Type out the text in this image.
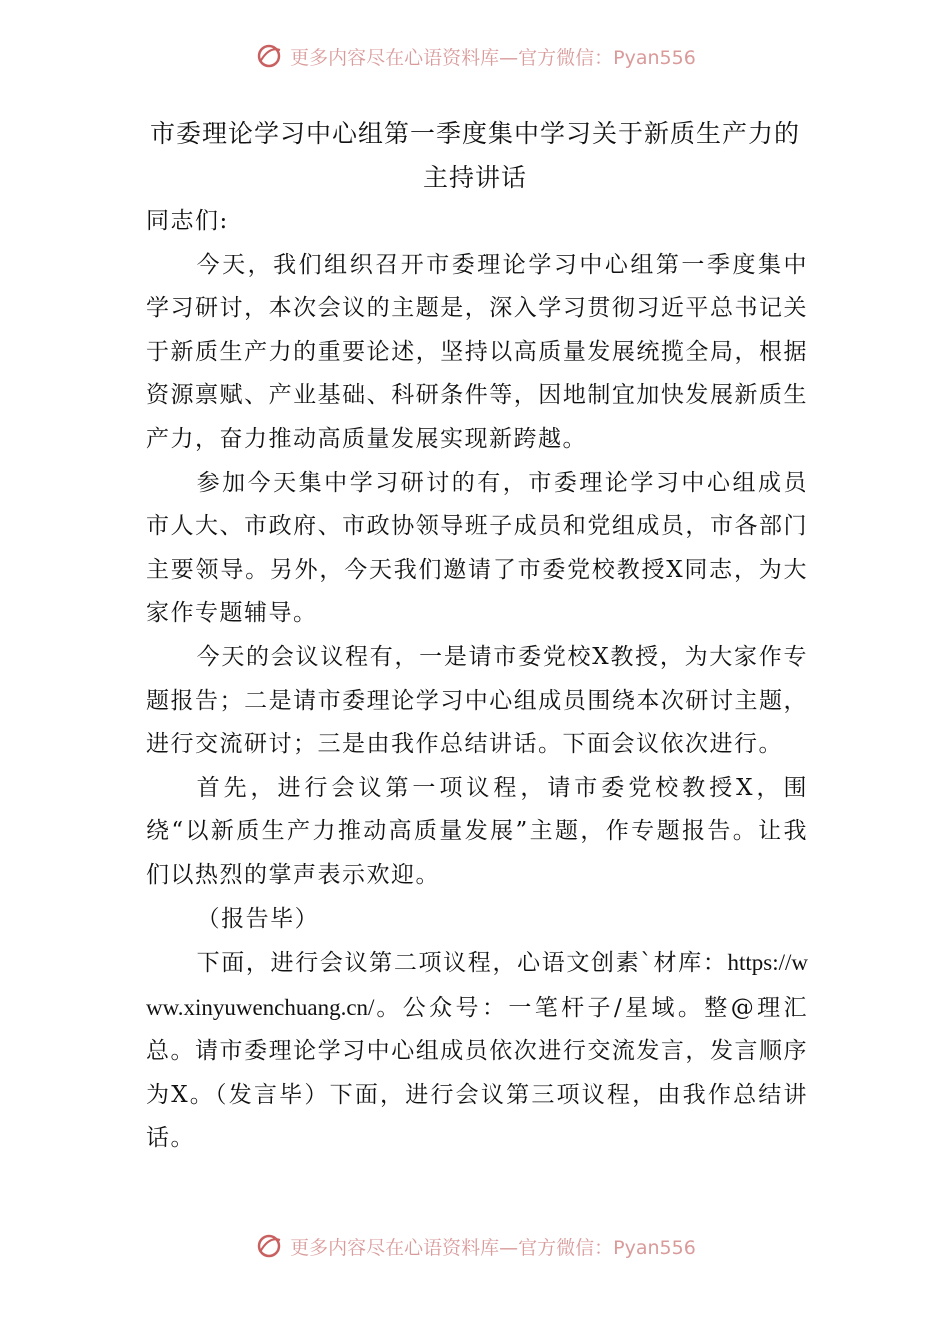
更多内容尽在心语资料库—官方微信：Pyan556
市委理论学习中心组第一季度集中学习关于新质生产力的
主持讲话

同志们:

今天，我们组织召开市委理论学习中心组第一季度集中学习研讨，本次会议的主题是，深入学习贯彻习近平总书记关于新质生产力的重要论述，坚持以高质量发展统揽全局，根据资源禀赋、产业基础、科研条件等，因地制宜加快发展新质生产力，奋力推动高质量发展实现新跨越。

参加今天集中学习研讨的有，市委理论学习中心组成员市人大、市政府、市政协领导班子成员和党组成员，市各部门主要领导。另外，今天我们邀请了市委党校教授X同志，为大家作专题辅导。

今天的会议议程有，一是请市委党校X教授，为大家作专题报告；二是请市委理论学习中心组成员围绕本次研讨主题，进行交流研讨；三是由我作总结讲话。下面会议依次进行。

首先，进行会议第一项议程，请市委党校教授X，围绕“以新质生产力推动高质量发展”主题，作专题报告。让我们以热烈的掌声表示欢迎。

（报告毕）

下面，进行会议第二项议程，心语文创素`材库：https://www.xinyuwenchuang.cn/。公众号：一笔杆子/星域。整@理汇总。请市委理论学习中心组成员依次进行交流发言，发言顺序为X。（发言毕）下面，进行会议第三项议程，由我作总结讲话。

更多内容尽在心语资料库—官方微信：Pyan556
